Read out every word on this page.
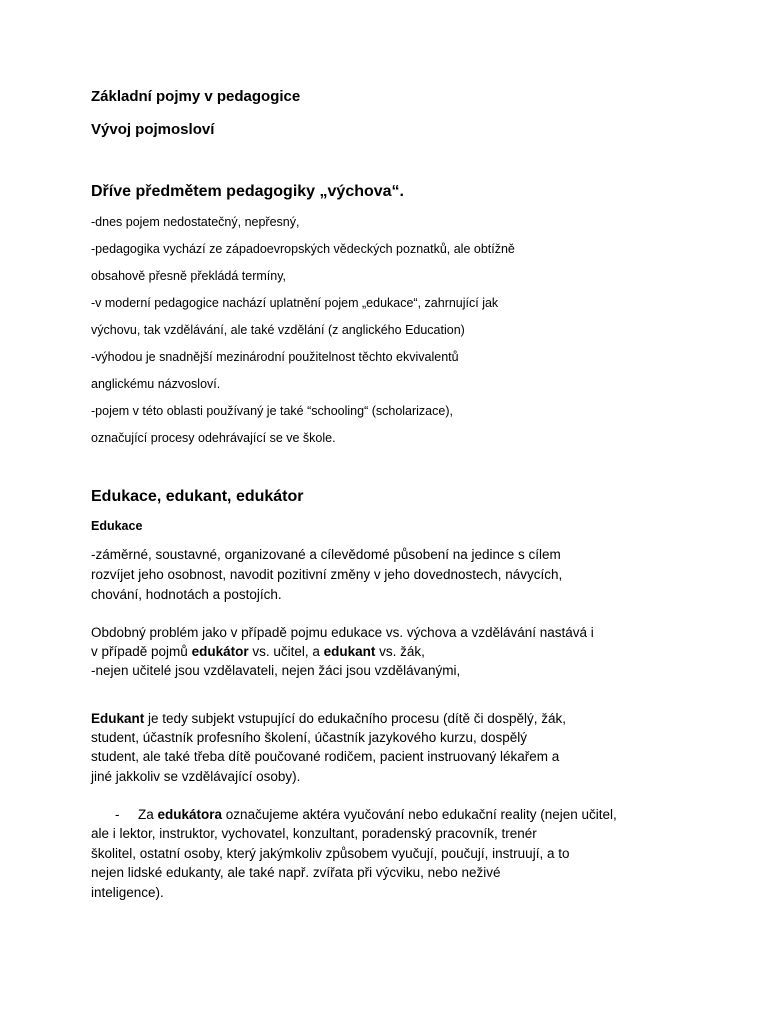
Základní pojmy v pedagogice
Vývoj pojmosloví
Dříve předmětem pedagogiky „výchova“.
-dnes pojem nedostatečný, nepřesný,
-pedagogika vychází ze západoevropských vědeckých poznatků, ale obtížně
obsahově přesně překládá termíny,
-v moderní pedagogice nachází uplatnění pojem „edukace“, zahrnující jak
výchovu, tak vzdělávání, ale také vzdělání (z anglického Education)
-výhodou je snadnější mezinárodní použitelnost těchto ekvivalentů
anglickému názvosloví.
-pojem v této oblasti používaný je také “schooling“ (scholarizace),
označující procesy odehrávající se ve škole.
Edukace, edukant, edukátor
Edukace
-záměrné, soustavné, organizované a cílevědomé působení na jedince s cílem
rozvíjet jeho osobnost, navodit pozitivní změny v jeho dovednostech, návycích,
chování, hodnotách a postojích.
Obdobný problém jako v případě pojmu edukace vs. výchova a vzdělávání nastává i
v případě pojmů edukátor vs. učitel, a edukant vs. žák,
-nejen učitelé jsou vzdělavateli, nejen žáci jsou vzdělávanými,
Edukant je tedy subjekt vstupující do edukačního procesu (dítě či dospělý, žák,
student, účastník profesního školení, účastník jazykového kurzu, dospělý
student, ale také třeba dítě poučované rodičem, pacient instruovaný lékařem a
jiné jakkoliv se vzdělávající osoby).
- Za edukátora označujeme aktéra vyučování nebo edukační reality (nejen učitel,
ale i lektor, instruktor, vychovatel, konzultant, poradenský pracovník, trenér
školitel, ostatní osoby, který jakýmkoliv způsobem vyučují, poučují, instruují, a to
nejen lidské edukanty, ale také např. zvířata při výcviku, nebo neživé
inteligence).
